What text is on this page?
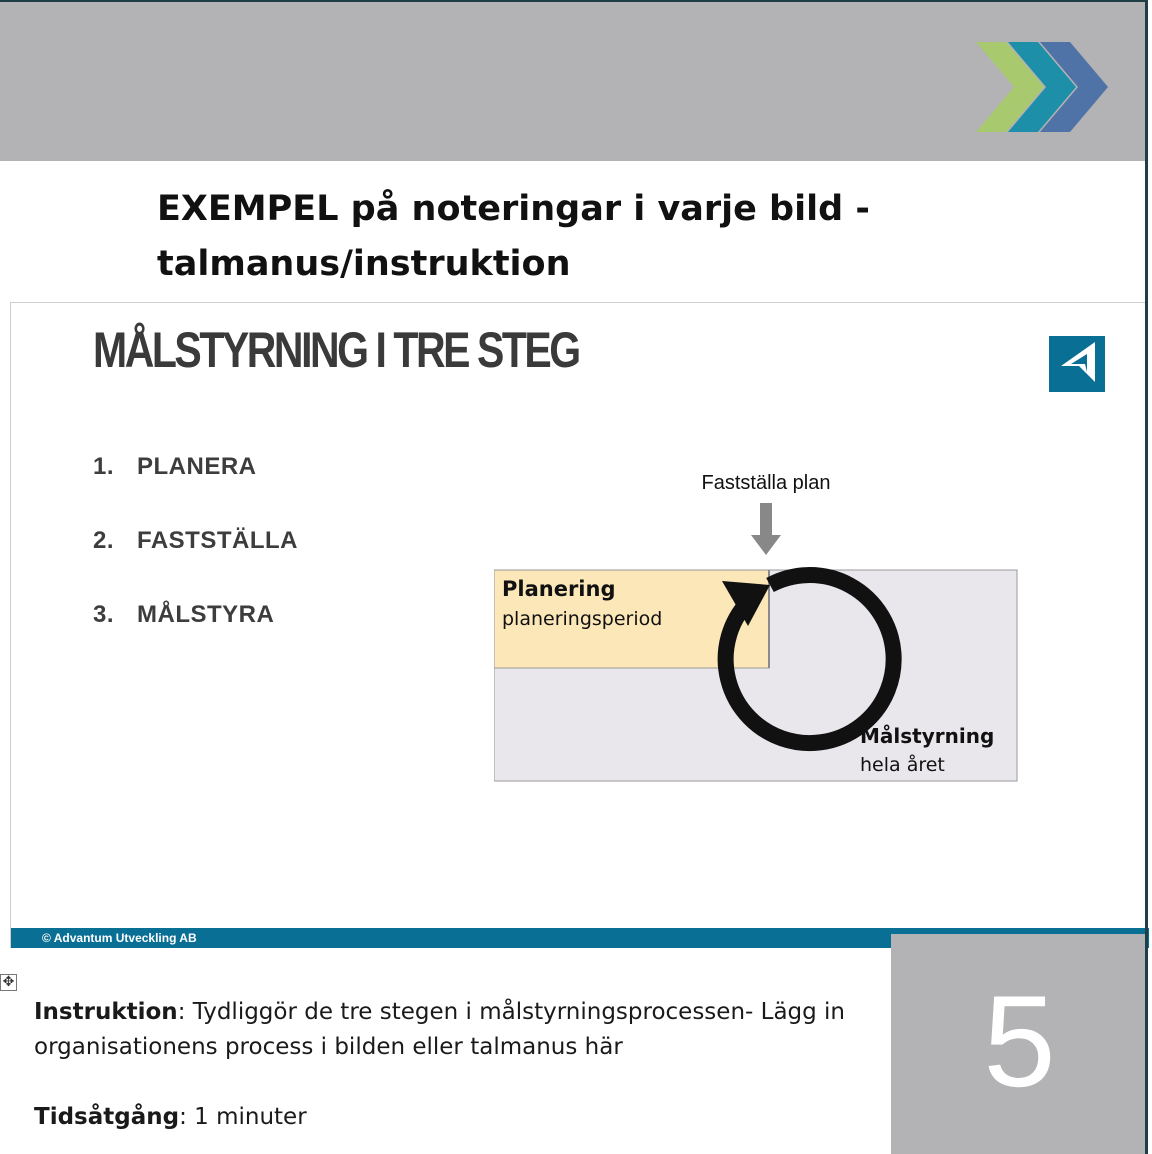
EXEMPEL på noteringar i varje bild -
talmanus/instruktion
MÅLSTYRNING I TRE STEG
1. PLANERA
2. FASTSTÄLLA
3. MÅLSTYRA
Fastställa plan
Planering
planeringsperiod
Målstyrning
hela året
© Advantum Utveckling AB
✥

Instruktion: Tydliggör de tre stegen i målstyrningsprocessen- Lägg in

organisationens process i bilden eller talmanus här

Tidsåtgång: 1 minuter

5
